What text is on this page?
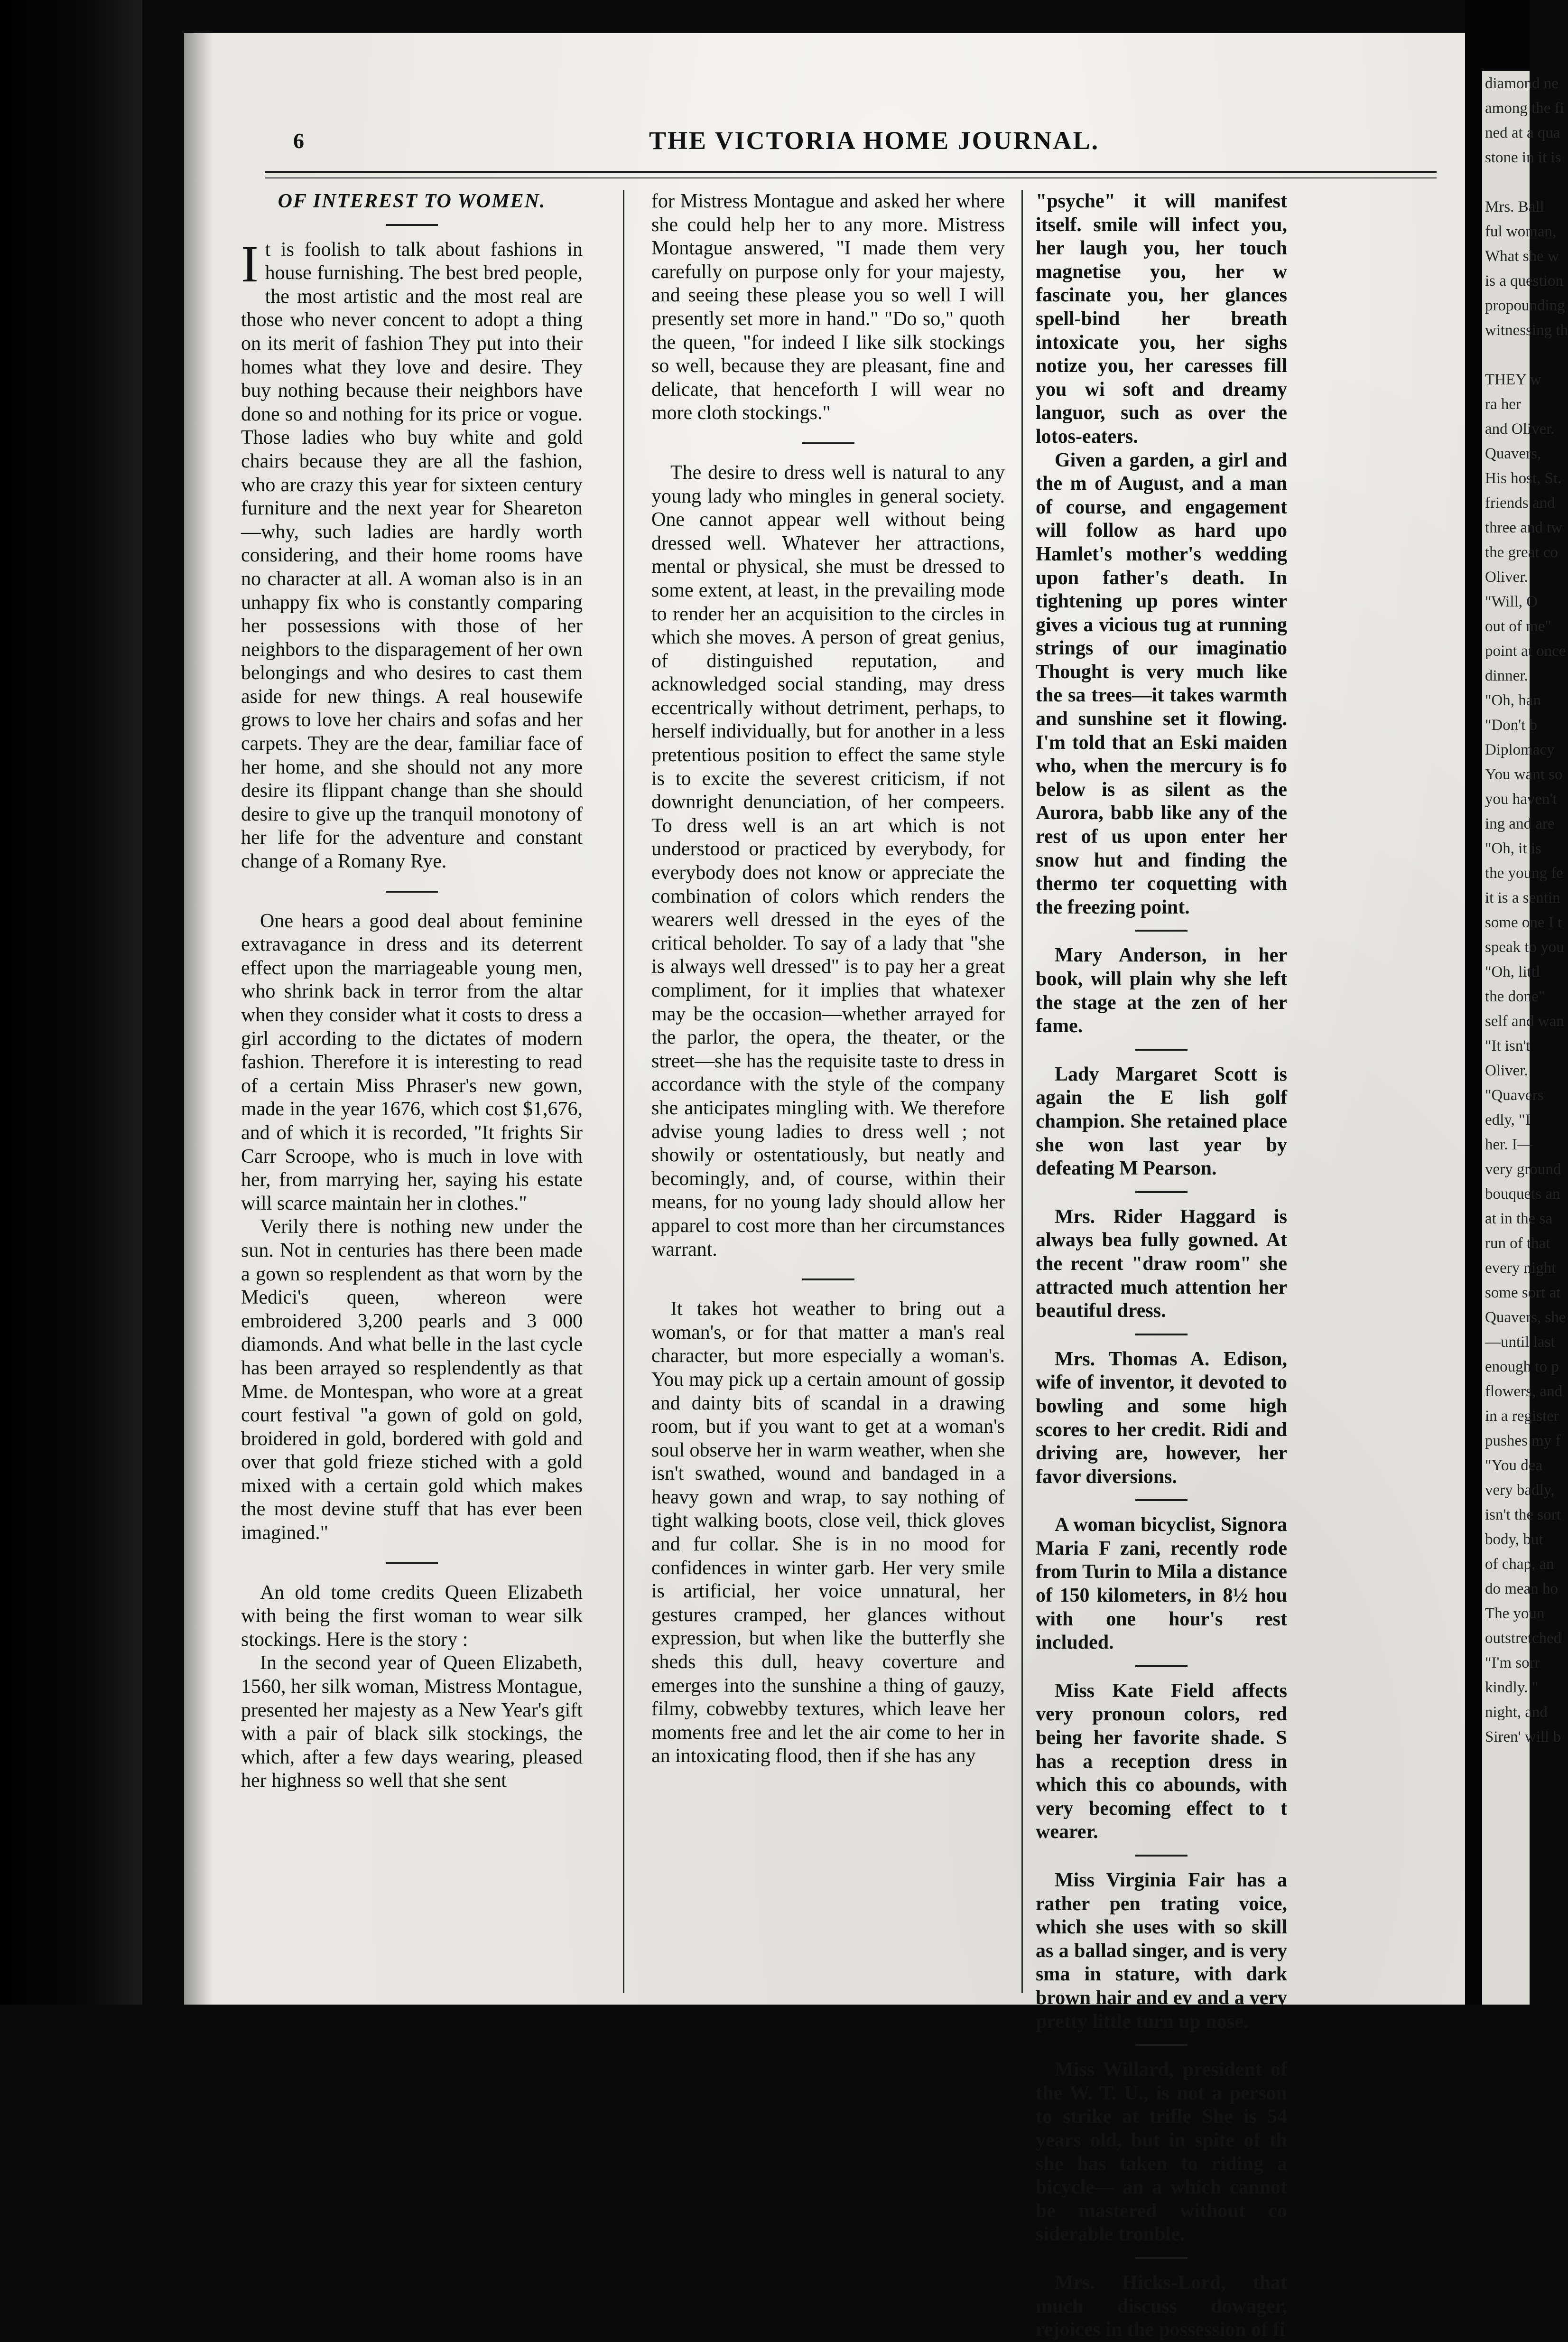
6	THE VICTORIA HOME JOURNAL.

OF INTEREST TO WOMEN.

It is foolish to talk about fashions in house furnishing. The best bred people, the most artistic and the most real are those who never concent to adopt a thing on its merit of fashion They put into their homes what they love and desire. They buy nothing because their neighbors have done so and nothing for its price or vogue. Those ladies who buy white and gold chairs because they are all the fashion, who are crazy this year for sixteen century furniture and the next year for Sheareton—why, such ladies are hardly worth considering, and their home rooms have no character at all. A woman also is in an unhappy fix who is constantly comparing her possessions with those of her neighbors to the disparagement of her own belongings and who desires to cast them aside for new things. A real housewife grows to love her chairs and sofas and her carpets. They are the dear, familiar face of her home, and she should not any more desire its flippant change than she should desire to give up the tranquil monotony of her life for the adventure and constant change of a Romany Rye.

One hears a good deal about feminine extravagance in dress and its deterrent effect upon the marriageable young men, who shrink back in terror from the altar when they consider what it costs to dress a girl according to the dictates of modern fashion. Therefore it is interesting to read of a certain Miss Phraser's new gown, made in the year 1676, which cost $1,676, and of which it is recorded, "It frights Sir Carr Scroope, who is much in love with her, from marrying her, saying his estate will scarce maintain her in clothes."

Verily there is nothing new under the sun. Not in centuries has there been made a gown so resplendent as that worn by the Medici's queen, whereon were embroidered 3,200 pearls and 3 000 diamonds. And what belle in the last cycle has been arrayed so resplendently as that Mme. de Montespan, who wore at a great court festival "a gown of gold on gold, broidered in gold, bordered with gold and over that gold frieze stiched with a gold mixed with a certain gold which makes the most devine stuff that has ever been imagined."

An old tome credits Queen Elizabeth with being the first woman to wear silk stockings. Here is the story :

In the second year of Queen Elizabeth, 1560, her silk woman, Mistress Montague, presented her majesty as a New Year's gift with a pair of black silk stockings, the which, after a few days wearing, pleased her highness so well that she sent

for Mistress Montague and asked her where she could help her to any more. Mistress Montague answered, "I made them very carefully on purpose only for your majesty, and seeing these please you so well I will presently set more in hand." "Do so," quoth the queen, "for indeed I like silk stockings so well, because they are pleasant, fine and delicate, that henceforth I will wear no more cloth stockings."

The desire to dress well is natural to any young lady who mingles in general society. One cannot appear well without being dressed well. Whatever her attractions, mental or physical, she must be dressed to some extent, at least, in the prevailing mode to render her an acquisition to the circles in which she moves. A person of great genius, of distinguished reputation, and acknowledged social standing, may dress eccentrically without detriment, perhaps, to herself individually, but for another in a less pretentious position to effect the same style is to excite the severest criticism, if not downright denunciation, of her compeers. To dress well is an art which is not understood or practiced by everybody, for everybody does not know or appreciate the combination of colors which renders the wearers well dressed in the eyes of the critical beholder. To say of a lady that "she is always well dressed" is to pay her a great compliment, for it implies that whatexer may be the occasion—whether arrayed for the parlor, the opera, the theater, or the street—she has the requisite taste to dress in accordance with the style of the company she anticipates mingling with. We therefore advise young ladies to dress well ; not showily or ostentatiously, but neatly and becomingly, and, of course, within their means, for no young lady should allow her apparel to cost more than her circumstances warrant.

It takes hot weather to bring out a woman's, or for that matter a man's real character, but more especially a woman's. You may pick up a certain amount of gossip and dainty bits of scandal in a drawing room, but if you want to get at a woman's soul observe her in warm weather, when she isn't swathed, wound and bandaged in a heavy gown and wrap, to say nothing of tight walking boots, close veil, thick gloves and fur collar. She is in no mood for confidences in winter garb. Her very smile is artificial, her voice unnatural, her gestures cramped, her glances without expression, but when like the butterfly she sheds this dull, heavy coverture and emerges into the sunshine a thing of gauzy, filmy, cobwebby textures, which leave her moments free and let the air come to her in an intoxicating flood, then if she has any

"psyche" it will manifest itself. smile will infect you, her laugh you, her touch magnetise you, her w fascinate you, her glances spell-bind her breath intoxicate you, her sighs notize you, her caresses fill you wi soft and dreamy languor, such as over the lotos-eaters.

Given a garden, a girl and the m of August, and a man of course, and engagement will follow as hard upo Hamlet's mother's wedding upon father's death. In tightening up pores winter gives a vicious tug at running strings of our imaginatio Thought is very much like the sa trees—it takes warmth and sunshine set it flowing. I'm told that an Eski maiden who, when the mercury is fo below is as silent as the Aurora, babb like any of the rest of us upon enter her snow hut and finding the thermo ter coquetting with the freezing point.

Mary Anderson, in her book, will plain why she left the stage at the zen of her fame.

Lady Margaret Scott is again the E lish golf champion. She retained place she won last year by defeating M Pearson.

Mrs. Rider Haggard is always bea fully gowned. At the recent "draw room" she attracted much attention her beautiful dress.

Mrs. Thomas A. Edison, wife of inventor, it devoted to bowling and some high scores to her credit. Ridi and driving are, however, her favor diversions.

A woman bicyclist, Signora Maria F zani, recently rode from Turin to Mila a distance of 150 kilometers, in 8½ hou with one hour's rest included.

Miss Kate Field affects very pronoun colors, red being her favorite shade. S has a reception dress in which this co abounds, with very becoming effect to t wearer.

Miss Virginia Fair has a rather pen trating voice, which she uses with so skill as a ballad singer, and is very sma in stature, with dark brown hair and ey and a very pretty little turn up nose.

Miss Willard, president of the W. T. U., is not a person to strike at trifle She is 54 years old, but in spite of th she has taken to riding a bicycle— an a which cannot be mastered without co siderable tronble.

Mrs. Hicks-Lord, that much discuss dowager, rejoices in the possession of fi

diamond ne
among the fi
ned at a qua
stone in it is

Mrs. Ball
ful woman,
What she w
is a question
propounding
witnessing th

THEY w
ra her
and Oliver.
Quavers,
His host, St.
friends and
three and tw
the great co
Oliver.
"Will, O
out of me"
point at once
dinner.
"Oh, han
"Don't b
Diplomacy
You want so
you haven't
ing and are
"Oh, it is
the young fe
it is a sentin
some one I t
speak to you
"Oh, littl
the done"
self and wan
"It isn't
Oliver.
"Quavers
edly, "I
her. I—
very ground
bouquets an
at in the sa
run of that
every night
some sort at
Quavers, she
—until last
enough to p
flowers, and
in a register
pushes my f
"You dea
very badly,
isn't the sort
body, but
of chap, an
do mean ho
The youn
outstretched
"I'm sorr
kindly. "
night, and
Siren' will b
